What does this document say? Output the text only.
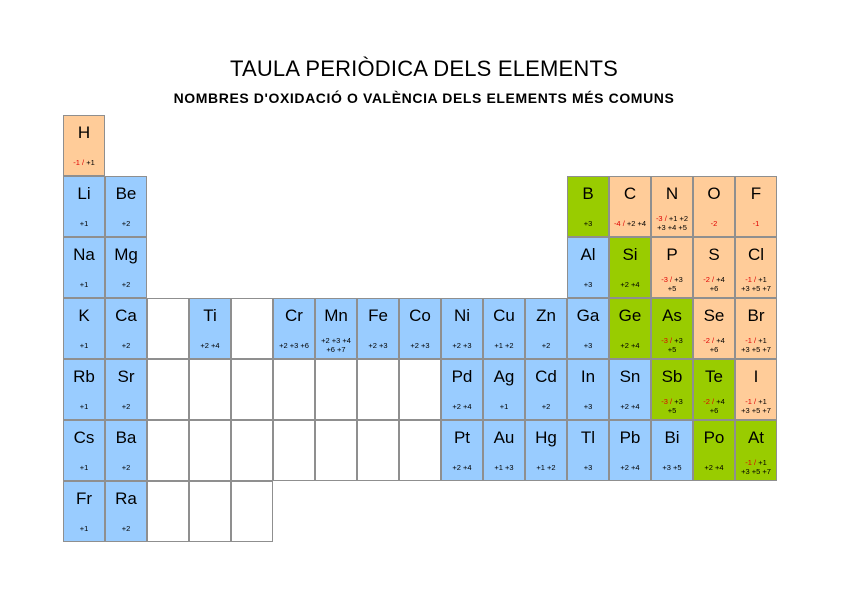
TAULA PERIÒDICA DELS ELEMENTS
NOMBRES D'OXIDACIÓ O VALÈNCIA DELS ELEMENTS MÉS COMUNS
H
-1 / +1
Li
+1
Be
+2
B
+3
C
-4 / +2 +4
N
-3 / +1 +2
+3 +4 +5
O
-2
F
-1
Na
+1
Mg
+2
Al
+3
Si
+2 +4
P
-3 / +3
+5
S
-2 / +4
+6
Cl
-1 / +1
+3 +5 +7
K
+1
Ca
+2
Ti
+2 +4
Cr
+2 +3 +6
Mn
+2 +3 +4
+6 +7
Fe
+2 +3
Co
+2 +3
Ni
+2 +3
Cu
+1 +2
Zn
+2
Ga
+3
Ge
+2 +4
As
-3 / +3
+5
Se
-2 / +4
+6
Br
-1 / +1
+3 +5 +7
Rb
+1
Sr
+2
Pd
+2 +4
Ag
+1
Cd
+2
In
+3
Sn
+2 +4
Sb
-3 / +3
+5
Te
-2 / +4
+6
I
-1 / +1
+3 +5 +7
Cs
+1
Ba
+2
Pt
+2 +4
Au
+1 +3
Hg
+1 +2
Tl
+3
Pb
+2 +4
Bi
+3 +5
Po
+2 +4
At
-1 / +1
+3 +5 +7
Fr
+1
Ra
+2
